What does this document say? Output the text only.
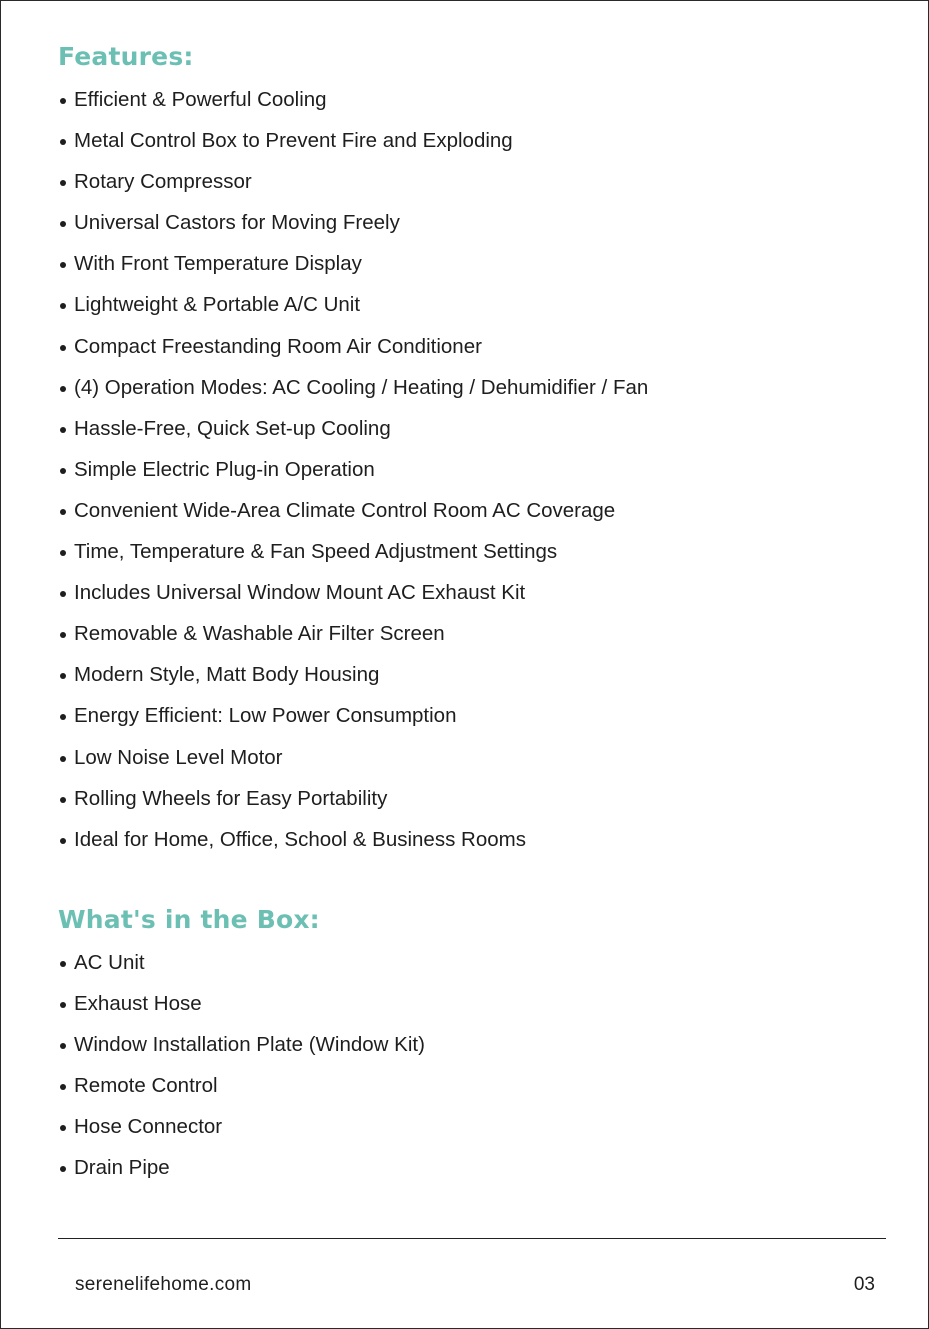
Features:
Efficient & Powerful Cooling
Metal Control Box to Prevent Fire and Exploding
Rotary Compressor
Universal Castors for Moving Freely
With Front Temperature Display
Lightweight & Portable A/C Unit
Compact Freestanding Room Air Conditioner
(4) Operation Modes: AC Cooling / Heating / Dehumidifier / Fan
Hassle-Free, Quick Set-up Cooling
Simple Electric Plug-in Operation
Convenient Wide-Area Climate Control Room AC Coverage
Time, Temperature & Fan Speed Adjustment Settings
Includes Universal Window Mount AC Exhaust Kit
Removable & Washable Air Filter Screen
Modern Style, Matt Body Housing
Energy Efficient: Low Power Consumption
Low Noise Level Motor
Rolling Wheels for Easy Portability
Ideal for Home, Office, School & Business Rooms
What's in the Box:
AC Unit
Exhaust Hose
Window Installation Plate (Window Kit)
Remote Control
Hose Connector
Drain Pipe
serenelifehome.com	03
